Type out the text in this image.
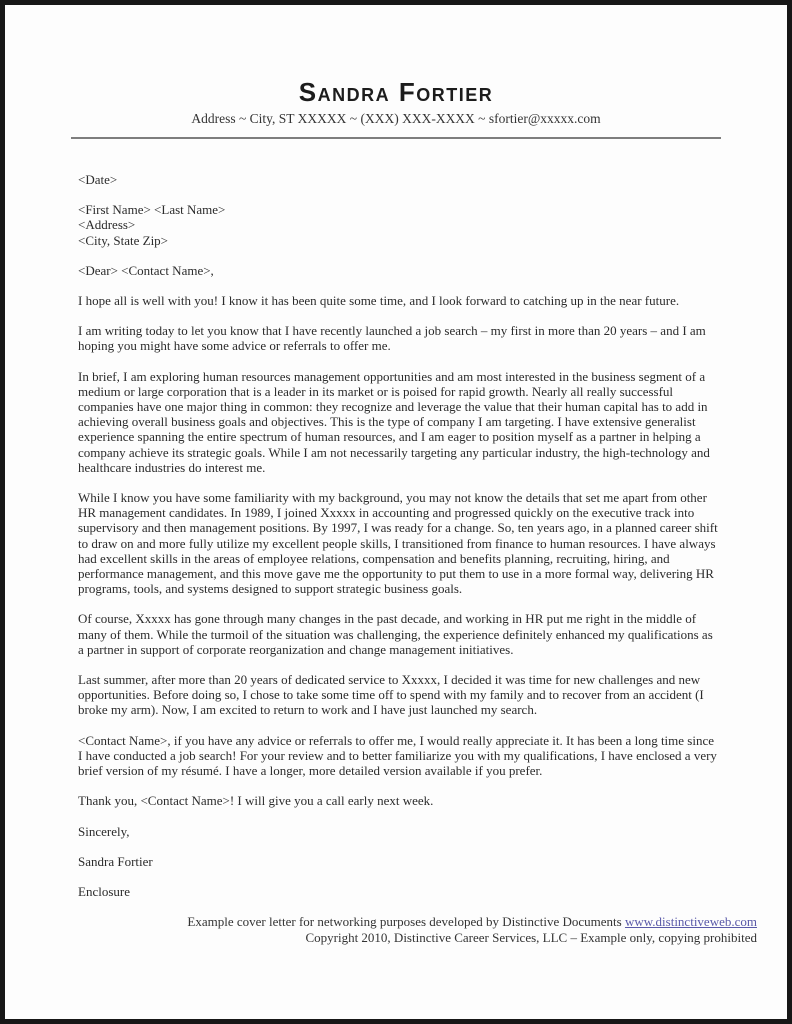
Sandra Fortier
Address ~ City, ST XXXXX ~ (XXX) XXX-XXXX ~ sfortier@xxxxx.com

<Date>

<First Name> <Last Name>

<Address>

<City, State Zip>

<Dear> <Contact Name>,

I hope all is well with you! I know it has been quite some time, and I look forward to catching up in the near future.

I am writing today to let you know that I have recently launched a job search – my first in more than 20 years – and I am hoping you might have some advice or referrals to offer me.

In brief, I am exploring human resources management opportunities and am most interested in the business segment of a medium or large corporation that is a leader in its market or is poised for rapid growth. Nearly all really successful companies have one major thing in common: they recognize and leverage the value that their human capital has to add in achieving overall business goals and objectives. This is the type of company I am targeting. I have extensive generalist experience spanning the entire spectrum of human resources, and I am eager to position myself as a partner in helping a company achieve its strategic goals. While I am not necessarily targeting any particular industry, the high-technology and healthcare industries do interest me.

While I know you have some familiarity with my background, you may not know the details that set me apart from other HR management candidates. In 1989, I joined Xxxxx in accounting and progressed quickly on the executive track into supervisory and then management positions. By 1997, I was ready for a change. So, ten years ago, in a planned career shift to draw on and more fully utilize my excellent people skills, I transitioned from finance to human resources. I have always had excellent skills in the areas of employee relations, compensation and benefits planning, recruiting, hiring, and performance management, and this move gave me the opportunity to put them to use in a more formal way, delivering HR programs, tools, and systems designed to support strategic business goals.

Of course, Xxxxx has gone through many changes in the past decade, and working in HR put me right in the middle of many of them. While the turmoil of the situation was challenging, the experience definitely enhanced my qualifications as a partner in support of corporate reorganization and change management initiatives.

Last summer, after more than 20 years of dedicated service to Xxxxx, I decided it was time for new challenges and new opportunities. Before doing so, I chose to take some time off to spend with my family and to recover from an accident (I broke my arm). Now, I am excited to return to work and I have just launched my search.

<Contact Name>, if you have any advice or referrals to offer me, I would really appreciate it. It has been a long time since I have conducted a job search! For your review and to better familiarize you with my qualifications, I have enclosed a very brief version of my résumé. I have a longer, more detailed version available if you prefer.

Thank you, <Contact Name>! I will give you a call early next week.

Sincerely,

Sandra Fortier

Enclosure

Example cover letter for networking purposes developed by Distinctive Documents www.distinctiveweb.com
Copyright 2010, Distinctive Career Services, LLC – Example only, copying prohibited
